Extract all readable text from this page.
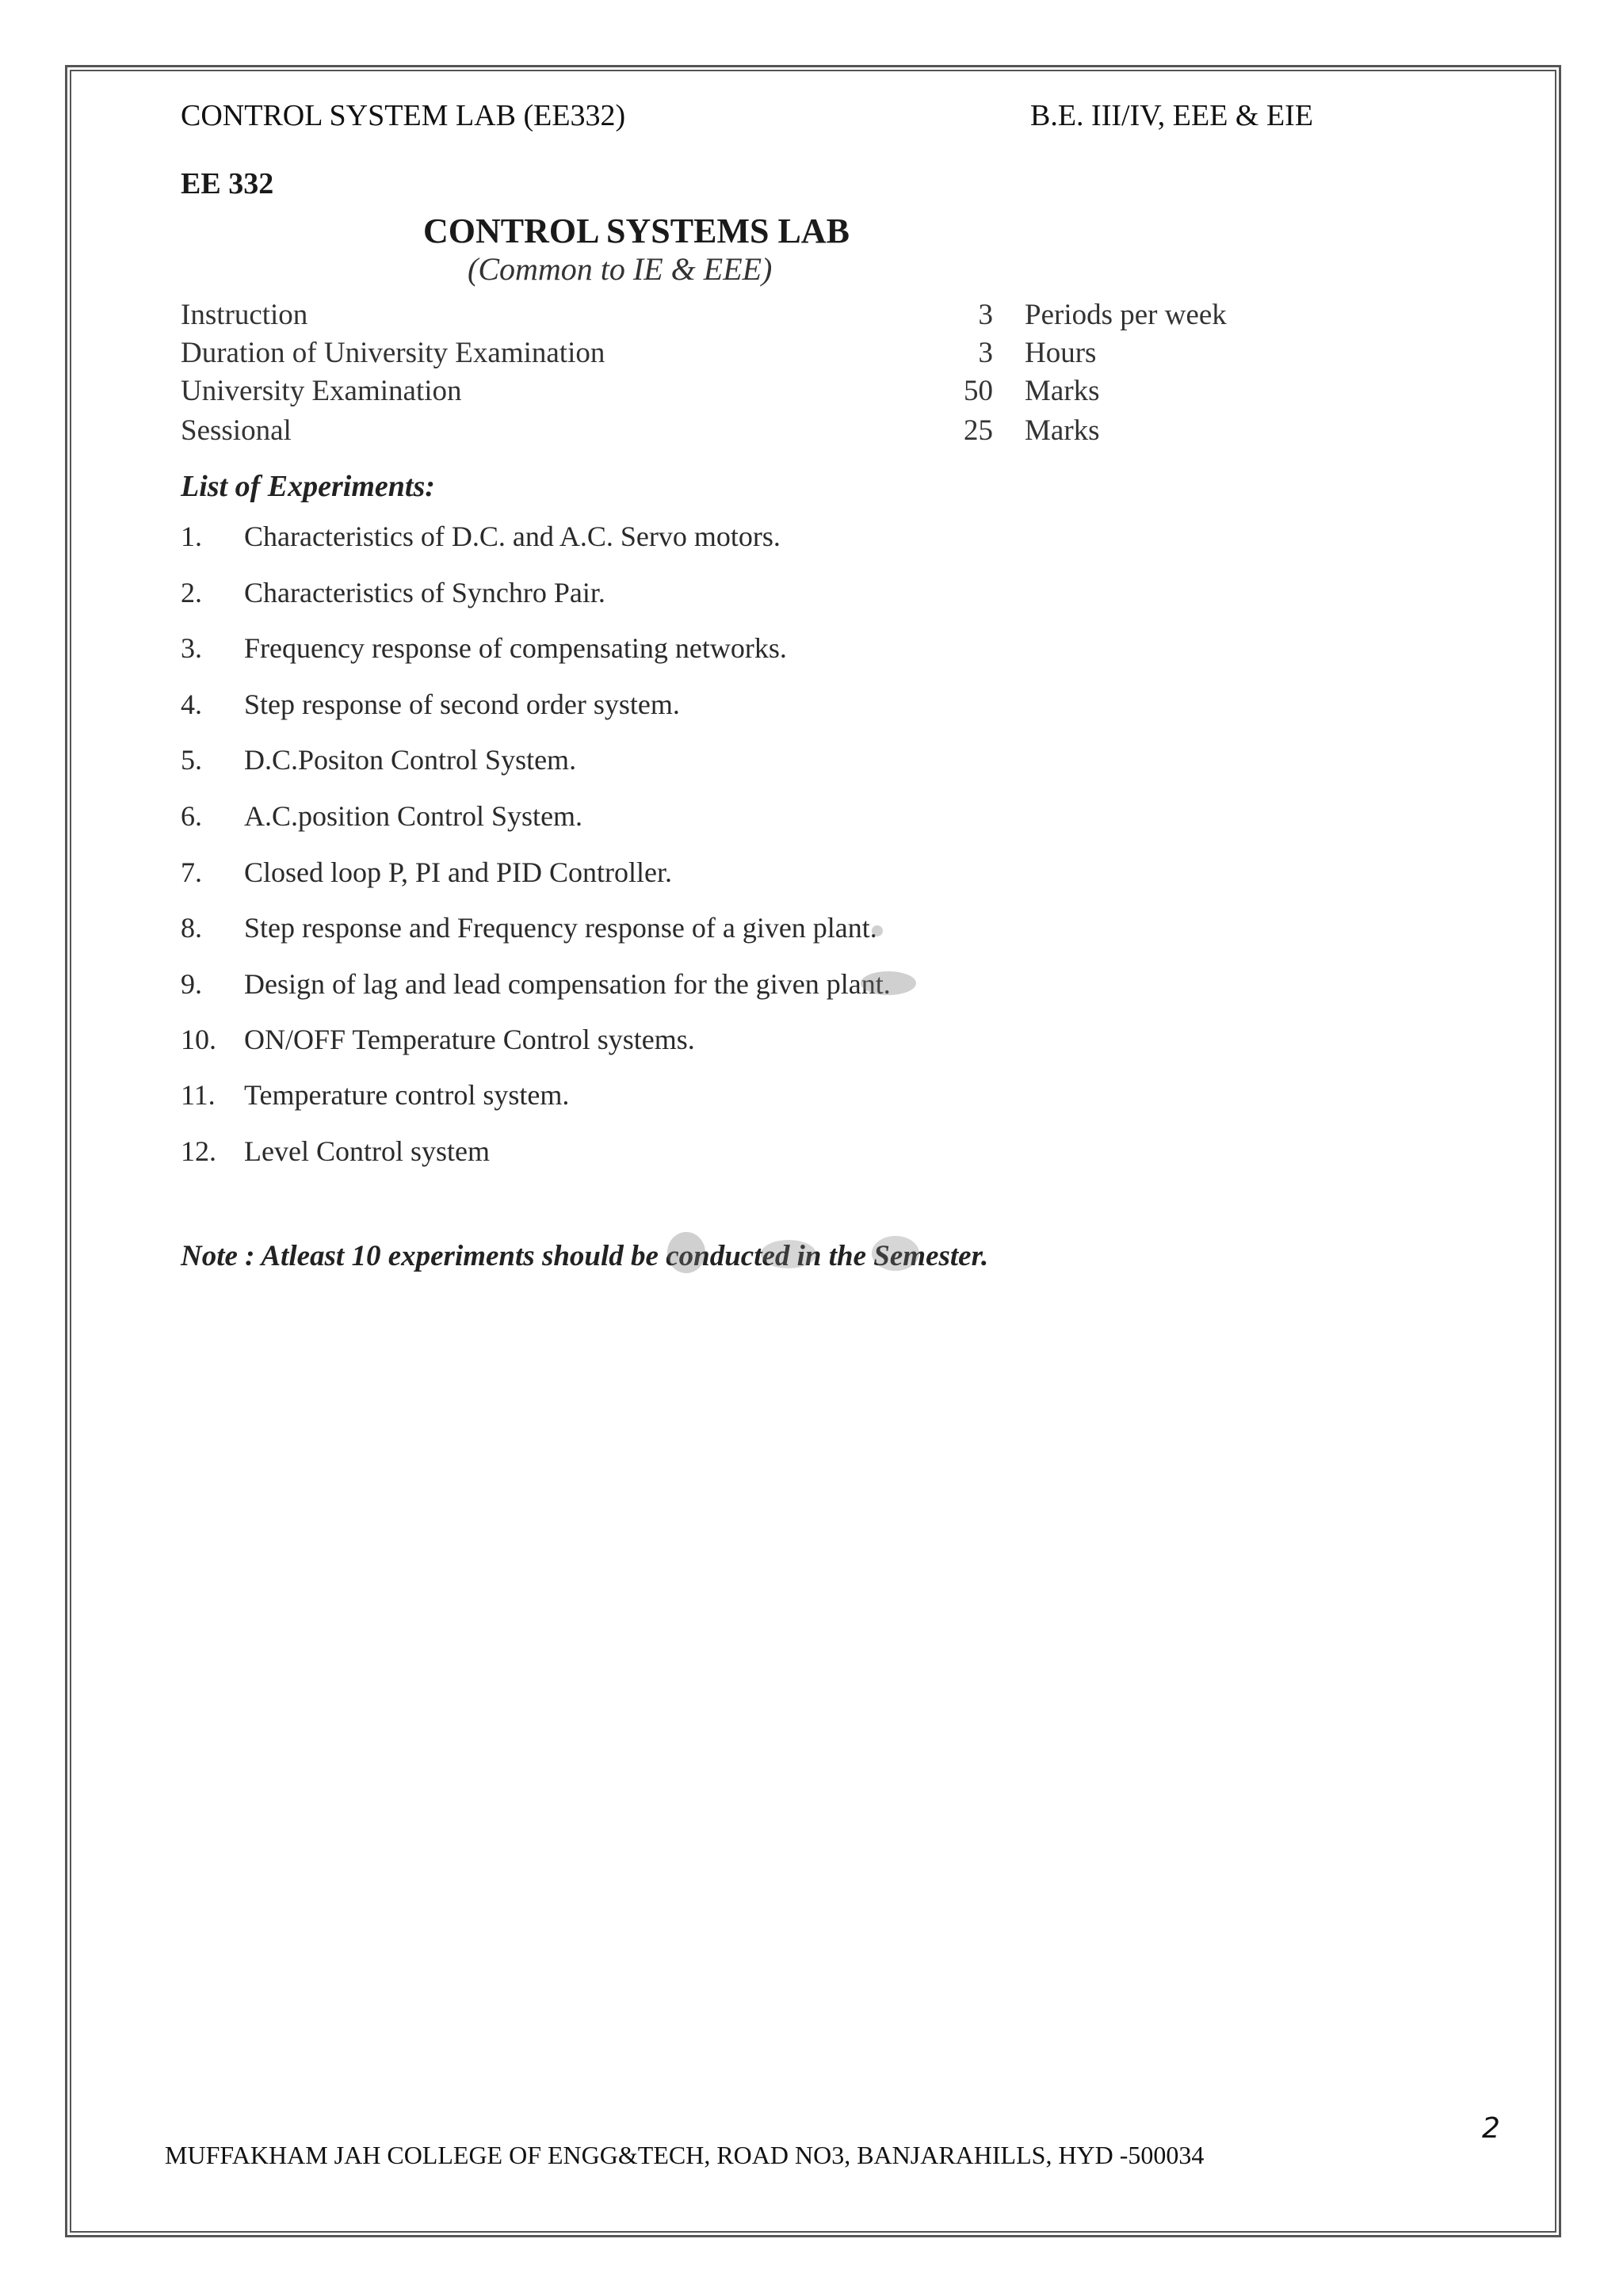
CONTROL SYSTEM LAB (EE332)	B.E. III/IV, EEE & EIE
EE 332
CONTROL SYSTEMS LAB
(Common to IE & EEE)
Instruction	3 Periods per week
Duration of University Examination	3 Hours
University Examination	50 Marks
Sessional	25 Marks
List of Experiments:
1. Characteristics of D.C. and A.C. Servo motors.
2. Characteristics of Synchro Pair.
3. Frequency response of compensating networks.
4. Step response of second order system.
5. D.C.Positon Control System.
6. A.C.position Control System.
7. Closed loop P, PI and PID Controller.
8. Step response and Frequency response of a given plant.
9. Design of lag and lead compensation for the given plant.
10. ON/OFF Temperature Control systems.
11. Temperature control system.
12. Level Control system
Note : Atleast 10 experiments should be conducted in the Semester.
2
MUFFAKHAM JAH COLLEGE OF ENGG&TECH, ROAD NO3, BANJARAHILLS, HYD -500034
